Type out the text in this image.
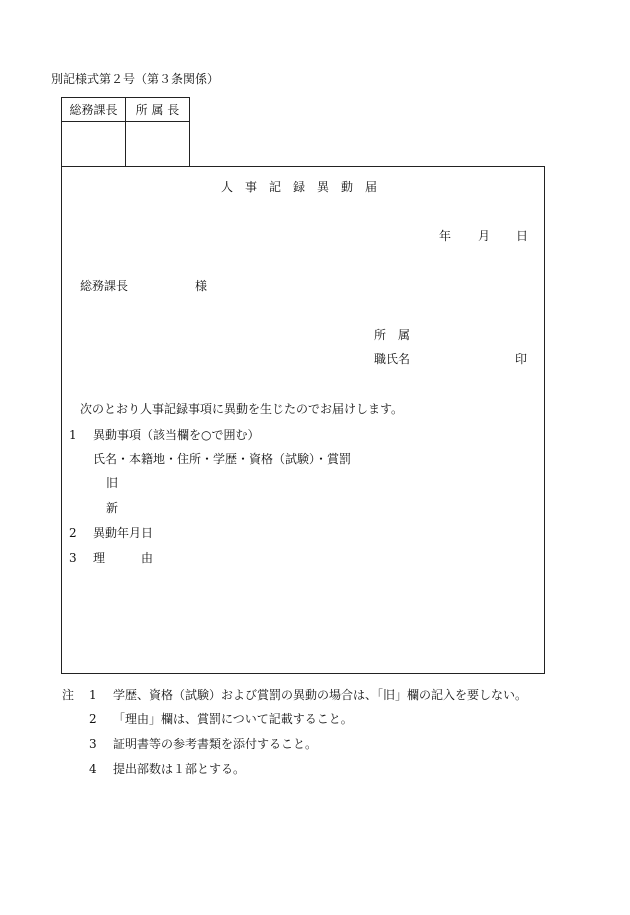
別記様式第２号（第３条関係）
総務課長	所 属 長

人　事　記　録　異　動　届
年 月 日
総務課長	様
所　属
職氏名	印
次のとおり人事記録事項に異動を生じたのでお届けします。
1 異動事項（該当欄を○で囲む）
氏名・本籍地・住所・学歴・資格（試験）・賞罰
旧
新
2 異動年月日
3 理　　　由
注 1 学歴、資格（試験）および賞罰の異動の場合は、「旧」欄の記入を要しない。
2 「理由」欄は、賞罰について記載すること。
3 証明書等の参考書類を添付すること。
4 提出部数は１部とする。
